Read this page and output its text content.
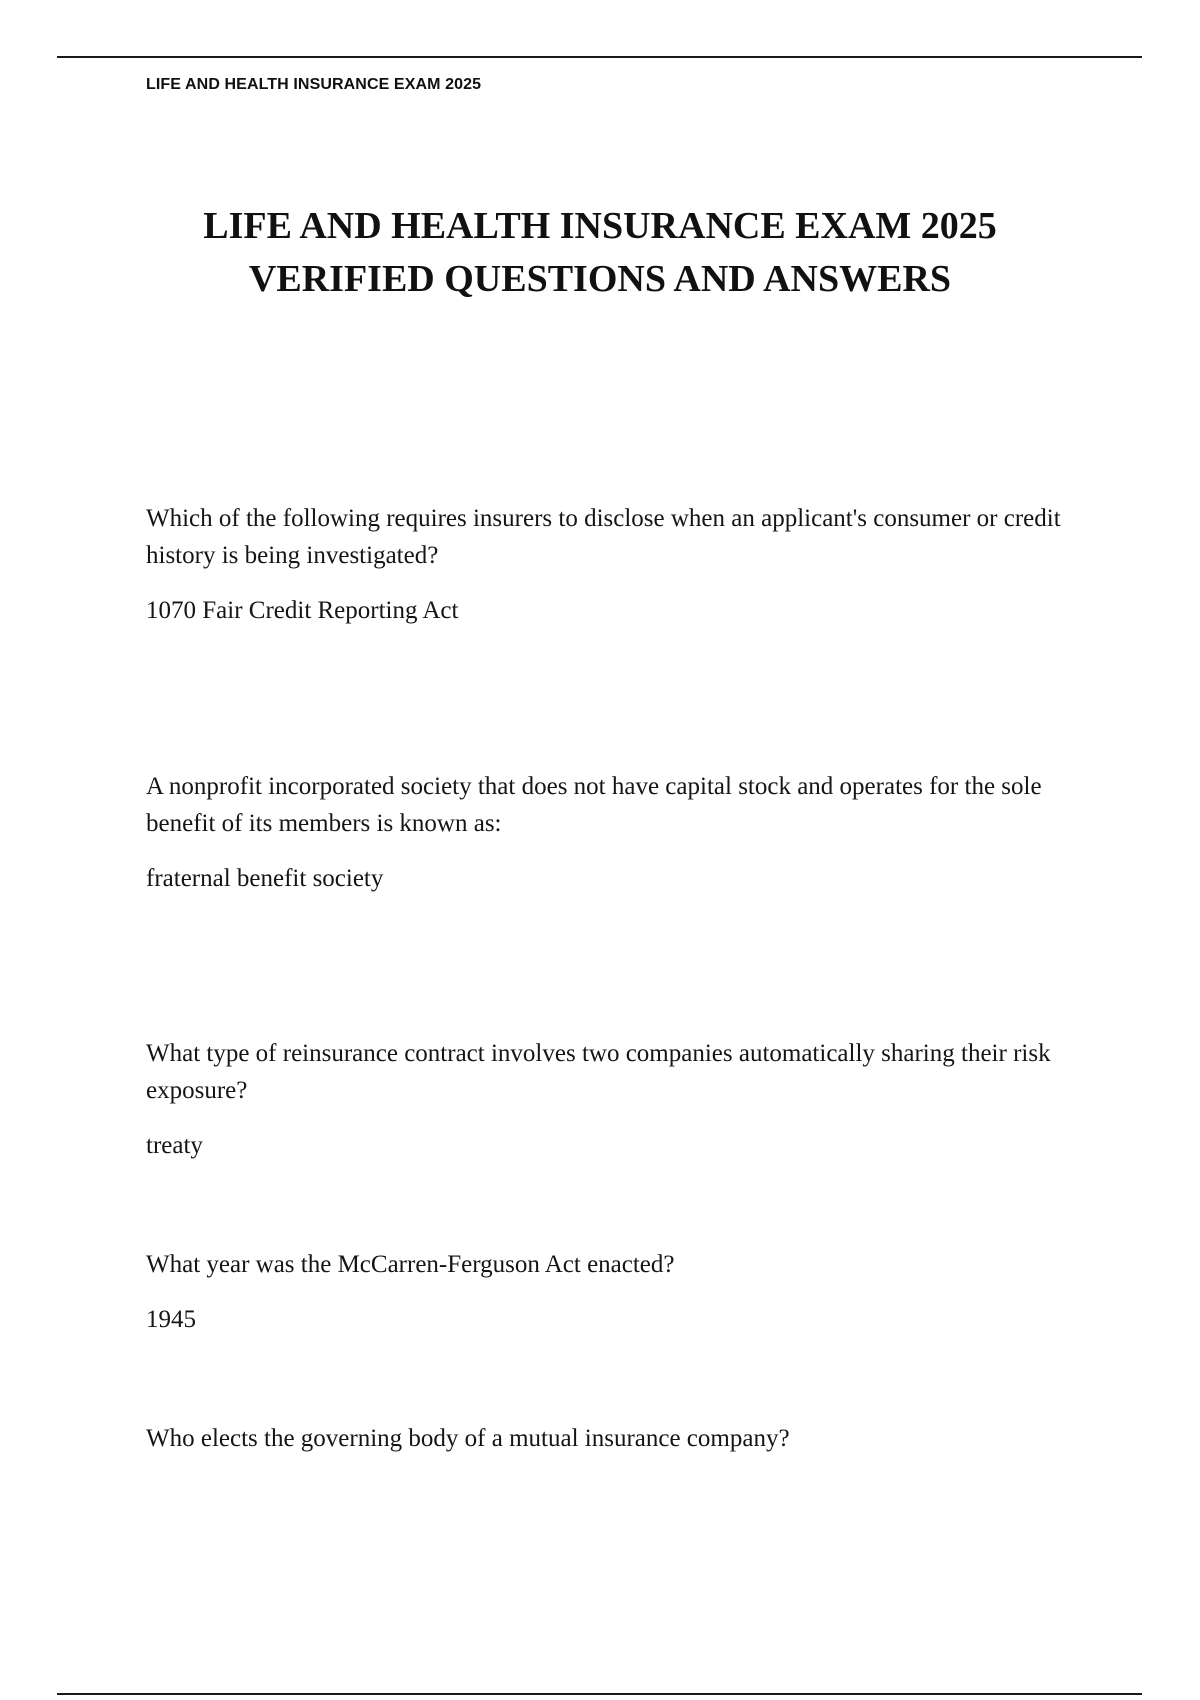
LIFE AND HEALTH INSURANCE EXAM 2025
LIFE AND HEALTH INSURANCE EXAM 2025
VERIFIED QUESTIONS AND ANSWERS

Which of the following requires insurers to disclose when an applicant's consumer or credit history is being investigated?

1070 Fair Credit Reporting Act

A nonprofit incorporated society that does not have capital stock and operates for the sole benefit of its members is known as:

fraternal benefit society

What type of reinsurance contract involves two companies automatically sharing their risk exposure?

treaty

What year was the McCarren-Ferguson Act enacted?

1945

Who elects the governing body of a mutual insurance company?
